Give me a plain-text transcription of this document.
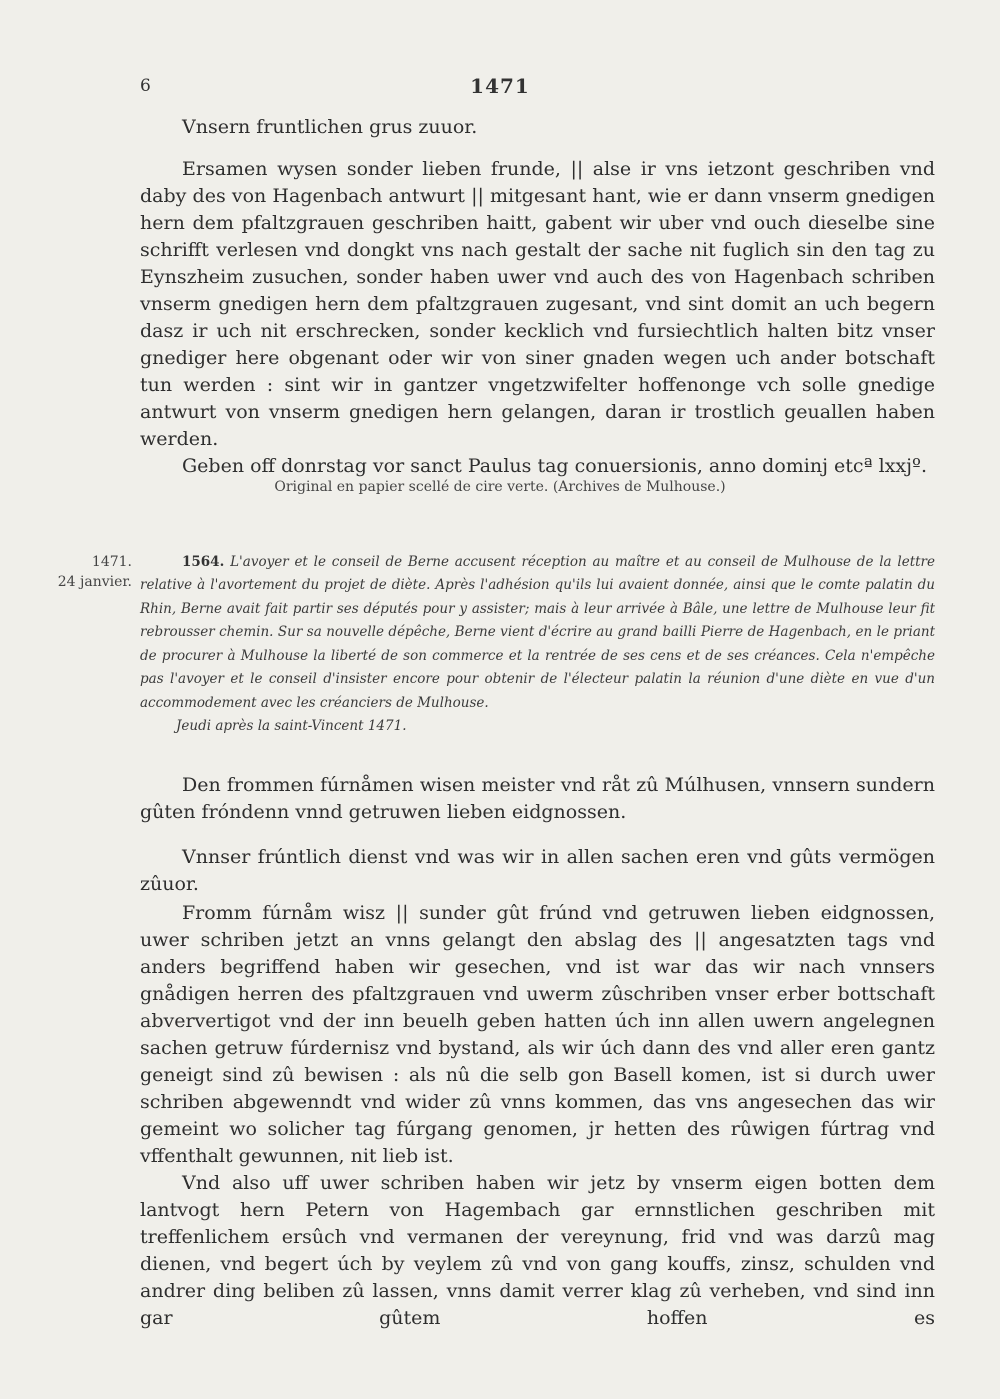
6	1471

Vnsern fruntlichen grus zuuor.

Ersamen wysen sonder lieben frunde, || alse ir vns ietzont geschriben vnd daby des von Hagenbach antwurt || mitgesant hant, wie er dann vnserm gnedigen hern dem pfaltzgrauen geschriben haitt, gabent wir uber vnd ouch dieselbe sine schrifft verlesen vnd dongkt vns nach gestalt der sache nit fuglich sin den tag zu Eynszheim zusuchen, sonder haben uwer vnd auch des von Hagenbach schriben vnserm gnedigen hern dem pfaltzgrauen zugesant, vnd sint domit an uch begern dasz ir uch nit erschrecken, sonder kecklich vnd fursiechtlich halten bitz vnser gnediger here obgenant oder wir von siner gnaden wegen uch ander botschaft tun werden : sint wir in gantzer vngetzwifelter hoffenonge vch solle gnedige antwurt von vnserm gnedigen hern gelangen, daran ir trostlich geuallen haben werden.

Geben off donrstag vor sanct Paulus tag conuersionis, anno dominj etcª lxxjº.

Original en papier scellé de cire verte. (Archives de Mulhouse.)
1471.
24 janvier.

1564. L'avoyer et le conseil de Berne accusent réception au maître et au conseil de Mulhouse de la lettre relative à l'avortement du projet de diète. Après l'adhésion qu'ils lui avaient donnée, ainsi que le comte palatin du Rhin, Berne avait fait partir ses députés pour y assister; mais à leur arrivée à Bâle, une lettre de Mulhouse leur fit rebrousser chemin. Sur sa nouvelle dépêche, Berne vient d'écrire au grand bailli Pierre de Hagenbach, en le priant de procurer à Mulhouse la liberté de son commerce et la rentrée de ses cens et de ses créances. Cela n'empêche pas l'avoyer et le conseil d'insister encore pour obtenir de l'électeur palatin la réunion d'une diète en vue d'un accommodement avec les créanciers de Mulhouse.

Jeudi après la saint-Vincent 1471.

Den frommen fúrnåmen wisen meister vnd råt zû Múlhusen, vnnsern sundern gûten fróndenn vnnd getruwen lieben eidgnossen.

Vnnser frúntlich dienst vnd was wir in allen sachen eren vnd gûts vermögen zûuor.

Fromm fúrnåm wisz || sunder gût frúnd vnd getruwen lieben eidgnossen, uwer schriben jetzt an vnns gelangt den abslag des || angesatzten tags vnd anders begriffend haben wir gesechen, vnd ist war das wir nach vnnsers gnådigen herren des pfaltzgrauen vnd uwerm zûschriben vnser erber bottschaft abververtigot vnd der inn beuelh geben hatten úch inn allen uwern angelegnen sachen getruw fúrdernisz vnd bystand, als wir úch dann des vnd aller eren gantz geneigt sind zû bewisen : als nû die selb gon Basell komen, ist si durch uwer schriben abgewenndt vnd wider zû vnns kommen, das vns angesechen das wir gemeint wo solicher tag fúrgang genomen, jr hetten des rûwigen fúrtrag vnd vffenthalt gewunnen, nit lieb ist.

Vnd also uff uwer schriben haben wir jetz by vnserm eigen botten dem lantvogt hern Petern von Hagembach gar ernnstlichen geschriben mit treffenlichem ersûch vnd vermanen der vereynung, frid vnd was darzû mag dienen, vnd begert úch by veylem zû vnd von gang kouffs, zinsz, schulden vnd andrer ding beliben zû lassen, vnns damit verrer klag zû verheben, vnd sind inn gar gûtem hoffen es
